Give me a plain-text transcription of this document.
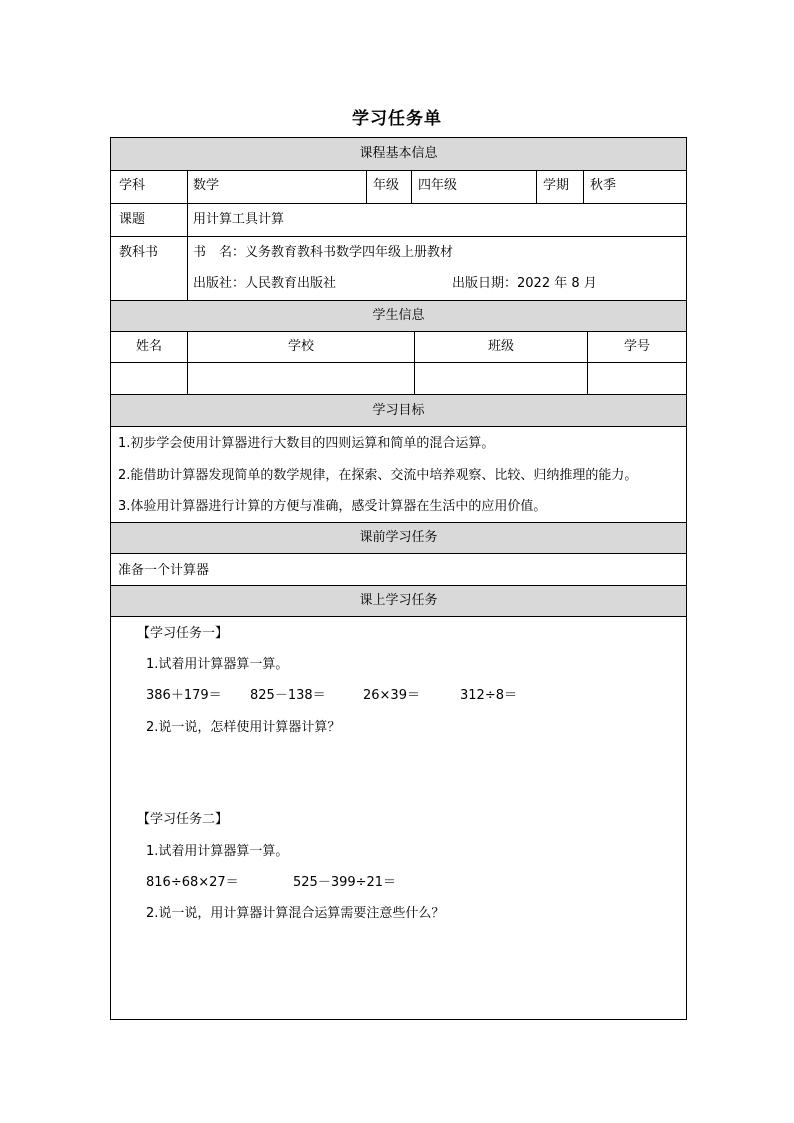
学习任务单
课程基本信息
学科	数学	年级 四年级	学期 秋季
课题	用计算工具计算
教科书	书　名：义务教育教科书数学四年级上册教材
出版社：人民教育出版社	出版日期：2022 年 8 月
学生信息
姓名	学校	班级	学号
学习目标
1.初步学会使用计算器进行大数目的四则运算和简单的混合运算。
2.能借助计算器发现简单的数学规律，在探索、交流中培养观察、比较、归纳推理的能力。
3.体验用计算器进行计算的方便与准确，感受计算器在生活中的应用价值。
课前学习任务
准备一个计算器
课上学习任务
【学习任务一】
1.试着用计算器算一算。
386＋179＝ 825－138＝	26×39＝	312÷8＝
2.说一说，怎样使用计算器计算？
【学习任务二】
1.试着用计算器算一算。
816÷68×27＝	525－399÷21＝
2.说一说，用计算器计算混合运算需要注意些什么？
